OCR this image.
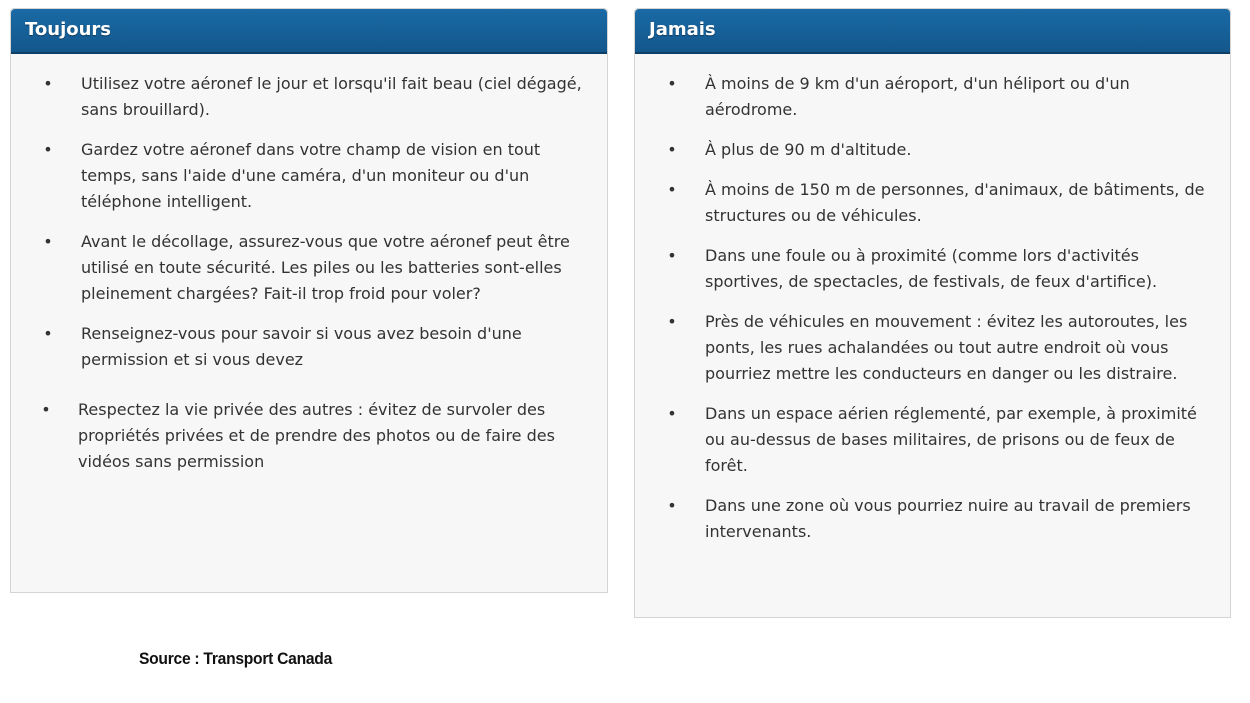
Toujours
• Utilisez votre aéronef le jour et lorsqu'il fait beau (ciel dégagé, sans brouillard).
• Gardez votre aéronef dans votre champ de vision en tout temps, sans l'aide d'une caméra, d'un moniteur ou d'un téléphone intelligent.
• Avant le décollage, assurez-vous que votre aéronef peut être utilisé en toute sécurité. Les piles ou les batteries sont-elles pleinement chargées? Fait-il trop froid pour voler?
• Renseignez-vous pour savoir si vous avez besoin d'une permission et si vous devez
• Respectez la vie privée des autres : évitez de survoler des propriétés privées et de prendre des photos ou de faire des vidéos sans permission
Jamais
• À moins de 9 km d'un aéroport, d'un héliport ou d'un aérodrome.
• À plus de 90 m d'altitude.
• À moins de 150 m de personnes, d'animaux, de bâtiments, de structures ou de véhicules.
• Dans une foule ou à proximité (comme lors d'activités sportives, de spectacles, de festivals, de feux d'artifice).
• Près de véhicules en mouvement : évitez les autoroutes, les ponts, les rues achalandées ou tout autre endroit où vous pourriez mettre les conducteurs en danger ou les distraire.
• Dans un espace aérien réglementé, par exemple, à proximité ou au-dessus de bases militaires, de prisons ou de feux de forêt.
• Dans une zone où vous pourriez nuire au travail de premiers intervenants.
Source : Transport Canada
